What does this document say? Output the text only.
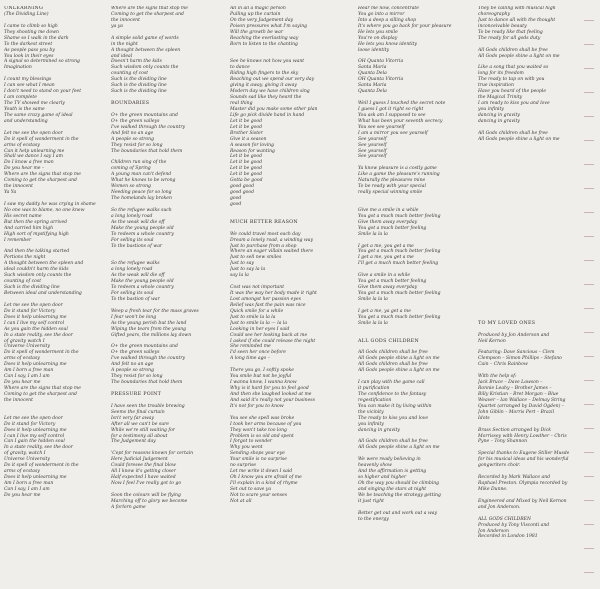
UNLEARNING
(The Dividing Line)
I came to climb so high
They shooting me down
Shame so I walk in the dark
To the darkest street
As people pass you by
You look in their eyes
A signal so determined so strong
Imagination
I count my blessings
I can see what I mean
I don't need to stand on your feet
I am complete
The TV showed me clearly
Youth is the same
The same crazy game of ideal
and understanding
Let me see the open door
Do it spell of wonderment in the
arms of ecstasy
Can it help unlearning me
Shall we dance I say I am
Do I know a free man
Do you hear me –
Where are the signs that stop me
Coming to get the sharpest and
the innocent
Ya Ya
I saw my daddy he was crying in shame
No one was to blame, no one knew
His secret name
But then the spring arrived
And carried him high
High sort of mystifying high
I remember
And then the talking started
Portions the night
A thought between the spleen and
ideal couldn't harm the kids
Such wisdom only counts the
counting of cost
Such is the dividing line
Between ideal and understanding
Let me see the open door
Do it stand for Victory
Does it help unlearning me
I can I live my self control
As you gain the hidden soul
In a state reality, see the door
of gravity watch I
Universe University
Do it spell of wonderment in the
arms of ecstasy
Does it help unlearning me
Am I born a free man
Can I say, I am I am
Do you hear me
Where are the signs that stop me
Coming to get the sharpest and
the innocent
Let me see the open door
Do it stand for Victory
Does it help unlearning me
I can I live my self control
Can I gain the hidden soul
In a state reality, see the door
of gravity, watch I
Universe University
Do it spell of wonderment in the
arms of ecstasy
Does it help unlearning me
Am I born a free man
Can I say, I am I am
Do you hear me
Where are the signs that stop me
Coming to get the sharpest and
the innocent
ya ya
A simple solid game of words
in the night
A thought between the spleen
and ideal
Doesn't harm the kids
Such wisdom only counts the
counting of cost
Such is the dividing line
Such is the dividing line
Such is the dividing line
BOUNDARIES
O+ the green mountains and
O+ the green valleys
I've walked through the country
And felt no an age
A people so strong
They resist for so long
The boundaries that hold them
Children run sing of the
coming of Spring
A young man can't defend
What he knows to be wrong
Women so strong
Needing peace for so long
The homelands lay broken
So the refugee walks such
a long lonely road
As the weak will die off
Make the young people old
To redeem a whole country
For selling its soul
To the bastions of war
So the refugee walks
a long lonely road
As the weak will die off
Make the young people old
To redeem a whole country
For selling its soul
To the bastion of war
Weep a fresh tear for the mass graves
I fear won't be long
As the young perish but the land
Wiping the tears from the young
Gifted years, the millions lay down
O+ the green mountains and
O+ the green valleys
I've walked through the country
And felt no an age
A people so strong
They resist for so long
The boundaries that hold them
PRESSURE POINT
I have seen the trouble brewing
Seems the final curtain
Isn't very far away
After all we can't be sure
While we're still waiting for
for a testimony all about
The Judgement day
'Cept for reasons known for certain
Here Judicial Judgement
Could foresee the final blow
All I know it's getting closer
Half expected I have waited
Now I feel I've really got to go
Soon the colours will be flying
Marching off to glory we become
A forlorn game
All in all a magic person
Pulling up the curtain
On the very Judgement day
Poison pressures what I'm saying
Will the growth be war
Reaching the everlasting way
Born to listen to the chanting
See he knows not how you want
to dance
Riding high fingers to the sky
Reaching out we spend our very day
giving it away, giving it away
Modern day we have children sing
Sounds sad like they heard the
real thing
Master did you make some other plan
Life go pick divide hand in hand
Let it be good
Let it be good
Brother Sister
Give it a season
A season for loving
Reason for wanting
Let it be good
Let it be good
Let it be good
Let it be good
Gotta be good
good good
good good
good
good
MUCH BETTER REASON
We could travel most each day
Dream a lonely road, a winding way
Just to purchase from a shop
Where an eager villain waited there
Just to sell new smiles
Just to say
Just to say la la
say la la
Cost was not important
It was the way her body made it right
Lost amongst her passion eyes
Relief was fast the pain was nice
Quick smile for a while
Just to smile la la la
Just to smile la la — la la
Looking in her eyes I said
Could see her looking back at me
I asked if she could release the night
She reminded me
I'd seen her once before
A long time ago –
There you go, I softly spoke
You smile but not be joyful
I wanna know, I wanna know
Why is it hard for you to feel good
And then she laughed looked at me
And said it's really not your business
It's not for you to know
You see she spell was broke
I took her arms because of you
They won't take too long
Problem is so old and spent
I forgot to wonder
Why you went
Sending shops your eye
Your smile is no surprise
no surprise
Let me write it down I said
Oh I know you are afraid of me
I'll explain in a kind of rhyme
Set out to save ya
Not to scare your senses
Not at all
Hear me now, concentrate
You go into a mirror
Into a deep a silling shop
It's where you go back for your pleasure
He lets you smile
You're on display
He lets you know identity
loose identity
OH Quanta Vitorria
Santa Maria
Quanta Dela
OH Quanta Vitorria
Santa Maria
Quanta Dela
Well I guess I touched the secret note
I guess I got it right so right
You ask am I supposed to see
What has been your seventh secrecy
You see see yourself
I am a mirror you see yourself
See yourself
See yourself
See yourself
See yourself
Ya know pleasure is a costly game
Like a game the pleasure's running
Naturally the pleasures mine
To be ready with your special
really special winning smile
Give me a smile in a while
You got a much much better feeling
Give them away everyday
You got a much better feeling
Smile la la la
I get a me, you get a me
You get a much much better feeling
I get a me, you get a me
I'll get a much much better feeling
Give a smile in a while
You get a much better feeling
Give them away everyday
You got a much much better feeling
Smile la la la
I get a me, ya get a me
You get a much much better feeling
Smile la la la
ALL GODS CHILDREN
All Gods children shall be free
All Gods people shine a light on me
All Gods children shall be free
All Gods people shine a light on me
I can play with the game call
it purification
The confidence to the fantasy
regestification
You can make it by living within
the vicinity
The ready to kiss you and love
you infinity
dancing in gravity
All Gods children shall be free
All Gods people shine a light on me
We were ready believing in
heavenly show
And the affirmation is getting
so higher and higher
Oh the way you should be climbing
and singing the stars at night
We be teaching the strategy getting
it just right
Better get out and work out a way
to the energy
They be calling with musical high
choreography
Just to dance all with the thought
inconceivable beauty
To be ready like that feeling
The ready for all gods duty
All Gods children shall be free
All Gods people shine a light on me
Like a song that you waited so
long for its freedom
The ready to tap on with you
true inspiration
Have you heard of the people
the Magical Trinity
I am ready to kiss you and love
you infinity
dancing in gravity
dancing in gravity
All Gods children shall be free
All Gods people shine a light on me
TO MY LOVED ONES
Produced by Jon Anderson and
Neil Kernon
Featuring: Dave Sancious – Clem
Clempson – Simon Phillips – Stefano
Cain – Chris Rainbow
With the help of:
Jack Bruce – Dave Lawson –
Ronnie Leahy – Brother James –
Billy Kristian – Bret Morgan – Blue
Weaver – Ian Wallace – Delmay String
Quartet (arranged by David Ogden) –
John Giblin – Morris Pert – Brazil
Idots
Brass Section arranged by Dick
Morrissey with Henry Lowther – Chris
Pyne – Tony Shannon
Special thanks to Eugene Stiller Musde
for his musical ideas and his wonderful
gongwriters choir.
Recorded by Mark Wallace and
Raphael Preston. Olympia recorded by
Mike Dunne.
Engineered and Mixed by Neil Kernon
and Jon Anderson.
ALL GODS CHILDREN
Produced by Tony Visconti and
Jon Anderson
Recorded in London 1981
